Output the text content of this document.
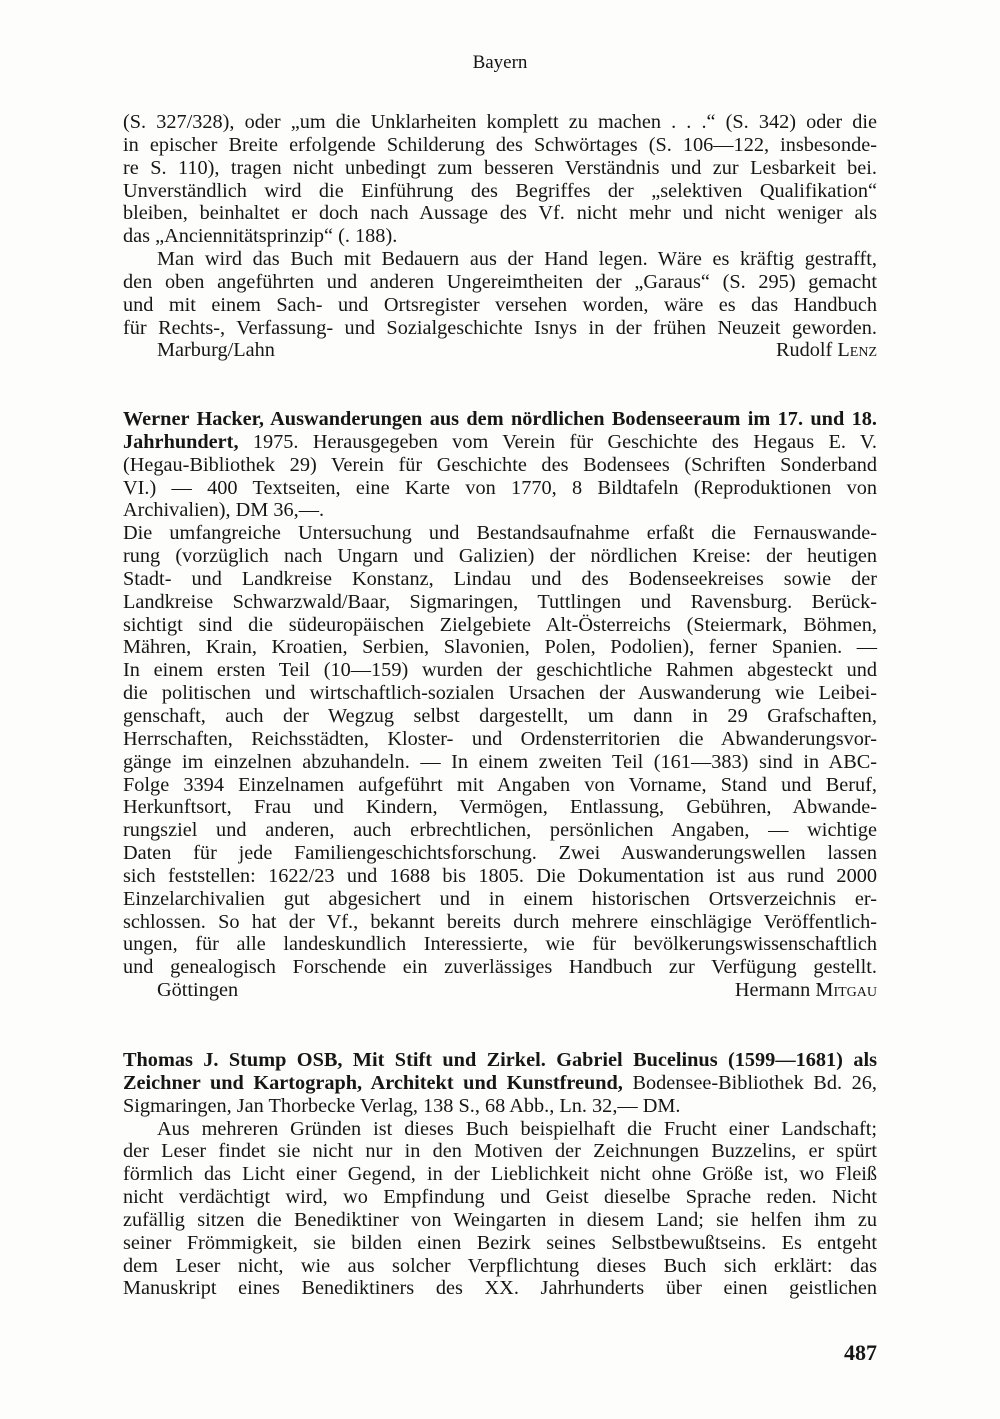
Bayern
(S. 327/328), oder „um die Unklarheiten komplett zu machen . . .“ (S. 342) oder die
in epischer Breite erfolgende Schilderung des Schwörtages (S. 106—122, insbesonde-
re S. 110), tragen nicht unbedingt zum besseren Verständnis und zur Lesbarkeit bei.
Unverständlich wird die Einführung des Begriffes der „selektiven Qualifikation“
bleiben, beinhaltet er doch nach Aussage des Vf. nicht mehr und nicht weniger als
das „Anciennitätsprinzip“ (. 188).
Man wird das Buch mit Bedauern aus der Hand legen. Wäre es kräftig gestrafft,
den oben angeführten und anderen Ungereimtheiten der „Garaus“ (S. 295) gemacht
und mit einem Sach- und Ortsregister versehen worden, wäre es das Handbuch
für Rechts-, Verfassung- und Sozialgeschichte Isnys in der frühen Neuzeit geworden.
Marburg/Lahn	Rudolf Lenz
Werner Hacker, Auswanderungen aus dem nördlichen Bodenseeraum im 17. und 18.
Jahrhundert, 1975. Herausgegeben vom Verein für Geschichte des Hegaus E. V.
(Hegau-Bibliothek 29) Verein für Geschichte des Bodensees (Schriften Sonderband
VI.) — 400 Textseiten, eine Karte von 1770, 8 Bildtafeln (Reproduktionen von
Archivalien), DM 36,—.
Die umfangreiche Untersuchung und Bestandsaufnahme erfaßt die Fernauswande-
rung (vorzüglich nach Ungarn und Galizien) der nördlichen Kreise: der heutigen
Stadt- und Landkreise Konstanz, Lindau und des Bodenseekreises sowie der
Landkreise Schwarzwald/Baar, Sigmaringen, Tuttlingen und Ravensburg. Berück-
sichtigt sind die südeuropäischen Zielgebiete Alt-Österreichs (Steiermark, Böhmen,
Mähren, Krain, Kroatien, Serbien, Slavonien, Polen, Podolien), ferner Spanien. —
In einem ersten Teil (10—159) wurden der geschichtliche Rahmen abgesteckt und
die politischen und wirtschaftlich-sozialen Ursachen der Auswanderung wie Leibei-
genschaft, auch der Wegzug selbst dargestellt, um dann in 29 Grafschaften,
Herrschaften, Reichsstädten, Kloster- und Ordensterritorien die Abwanderungsvor-
gänge im einzelnen abzuhandeln. — In einem zweiten Teil (161—383) sind in ABC-
Folge 3394 Einzelnamen aufgeführt mit Angaben von Vorname, Stand und Beruf,
Herkunftsort, Frau und Kindern, Vermögen, Entlassung, Gebühren, Abwande-
rungsziel und anderen, auch erbrechtlichen, persönlichen Angaben, — wichtige
Daten für jede Familiengeschichtsforschung. Zwei Auswanderungswellen lassen
sich feststellen: 1622/23 und 1688 bis 1805. Die Dokumentation ist aus rund 2000
Einzelarchivalien gut abgesichert und in einem historischen Ortsverzeichnis er-
schlossen. So hat der Vf., bekannt bereits durch mehrere einschlägige Veröffentlich-
ungen, für alle landeskundlich Interessierte, wie für bevölkerungswissenschaftlich
und genealogisch Forschende ein zuverlässiges Handbuch zur Verfügung gestellt.
Göttingen	Hermann Mitgau
Thomas J. Stump OSB, Mit Stift und Zirkel. Gabriel Bucelinus (1599—1681) als
Zeichner und Kartograph, Architekt und Kunstfreund, Bodensee-Bibliothek Bd. 26,
Sigmaringen, Jan Thorbecke Verlag, 138 S., 68 Abb., Ln. 32,— DM.
Aus mehreren Gründen ist dieses Buch beispielhaft die Frucht einer Landschaft;
der Leser findet sie nicht nur in den Motiven der Zeichnungen Buzzelins, er spürt
förmlich das Licht einer Gegend, in der Lieblichkeit nicht ohne Größe ist, wo Fleiß
nicht verdächtigt wird, wo Empfindung und Geist dieselbe Sprache reden. Nicht
zufällig sitzen die Benediktiner von Weingarten in diesem Land; sie helfen ihm zu
seiner Frömmigkeit, sie bilden einen Bezirk seines Selbstbewußtseins. Es entgeht
dem Leser nicht, wie aus solcher Verpflichtung dieses Buch sich erklärt: das
Manuskript eines Benediktiners des XX. Jahrhunderts über einen geistlichen
487
